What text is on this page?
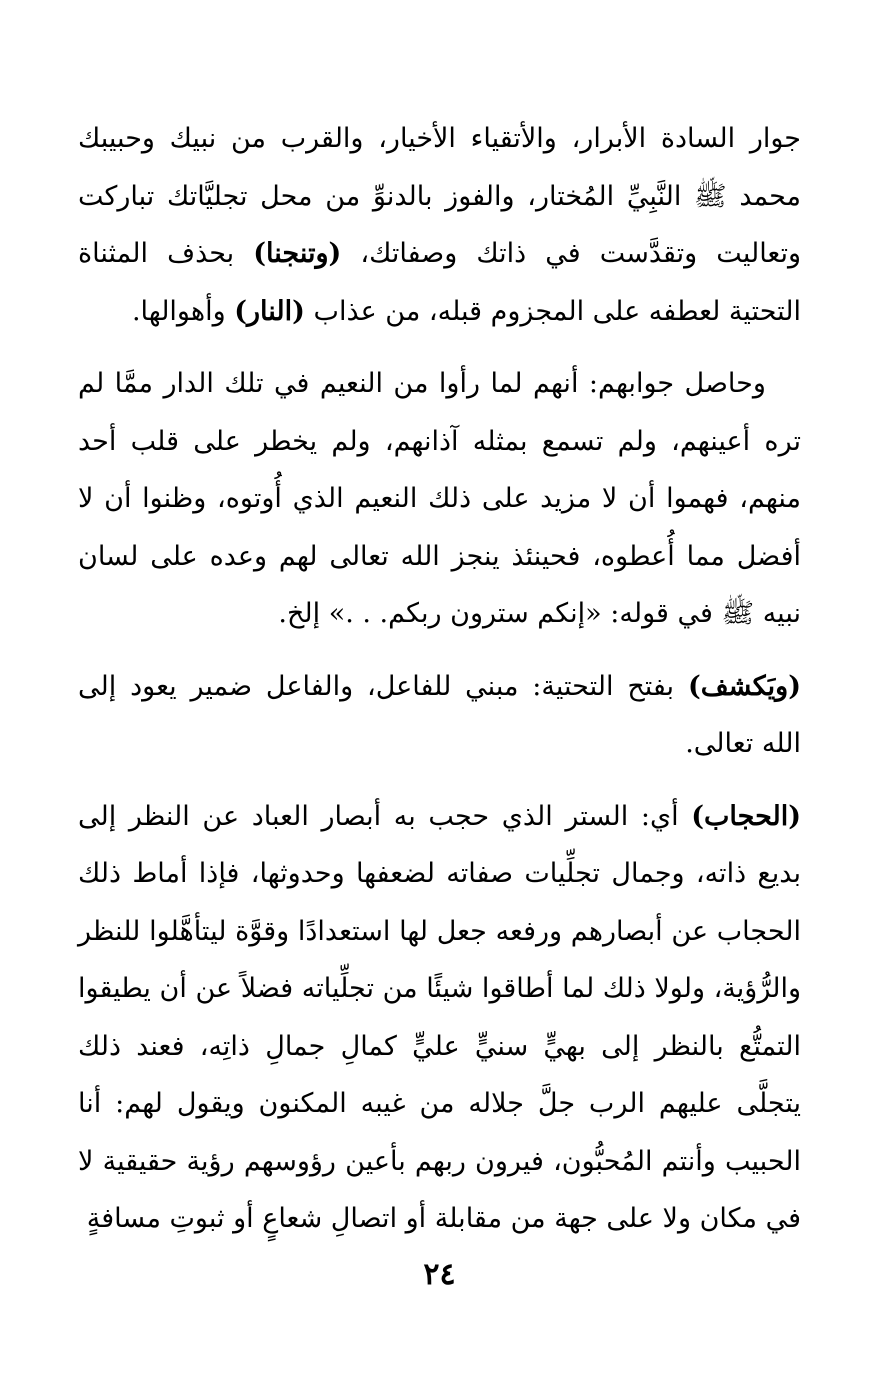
جوار السادة الأبرار، والأتقياء الأخيار، والقرب من نبيك وحبيبك محمد ﷺ النَّبِيِّ المُختار، والفوز بالدنوِّ من محل تجليَّاتك تباركت وتعاليت وتقدَّست في ذاتك وصفاتك، (وتنجنا) بحذف المثناة التحتية لعطفه على المجزوم قبله، من عذاب (النار) وأهوالها.

وحاصل جوابهم: أنهم لما رأوا من النعيم في تلك الدار ممَّا لم تره أعينهم، ولم تسمع بمثله آذانهم، ولم يخطر على قلب أحد منهم، فهموا أن لا مزيد على ذلك النعيم الذي أُوتوه، وظنوا أن لا أفضل مما أُعطوه، فحينئذ ينجز الله تعالى لهم وعده على لسان نبيه ﷺ في قوله: «إنكم سترون ربكم. . .» إلخ.

(ويَكشف) بفتح التحتية: مبني للفاعل، والفاعل ضمير يعود إلى الله تعالى.

(الحجاب) أي: الستر الذي حجب به أبصار العباد عن النظر إلى بديع ذاته، وجمال تجلِّيات صفاته لضعفها وحدوثها، فإذا أماط ذلك الحجاب عن أبصارهم ورفعه جعل لها استعدادًا وقوَّة ليتأهَّلوا للنظر والرُّؤية، ولولا ذلك لما أطاقوا شيئًا من تجلِّياته فضلاً عن أن يطيقوا التمتُّع بالنظر إلى بهيٍّ سنيٍّ عليٍّ كمالِ جمالِ ذاتِه، فعند ذلك يتجلَّى عليهم الرب جلَّ جلاله من غيبه المكنون ويقول لهم: أنا الحبيب وأنتم المُحبُّون، فيرون ربهم بأعين رؤوسهم رؤية حقيقية لا في مكان ولا على جهة من مقابلة أو اتصالِ شعاعٍ أو ثبوتِ مسافةٍ

٢٤
